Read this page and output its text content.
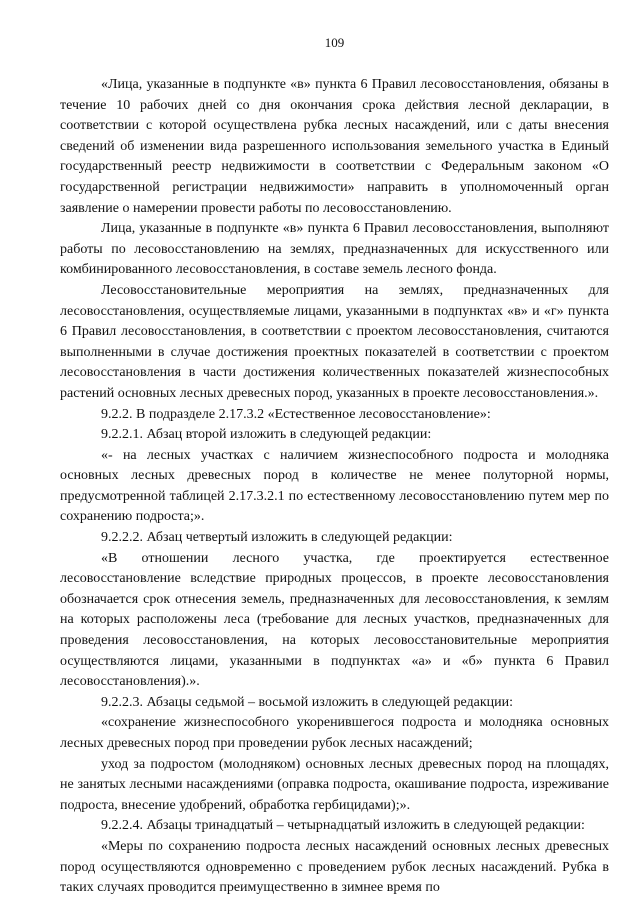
109

«Лица, указанные в подпункте «в» пункта 6 Правил лесовосстановления, обязаны в течение 10 рабочих дней со дня окончания срока действия лесной декларации, в соответствии с которой осуществлена рубка лесных насаждений, или с даты внесения сведений об изменении вида разрешенного использования земельного участка в Единый государственный реестр недвижимости в соответствии с Федеральным законом «О государственной регистрации недвижимости» направить в уполномоченный орган заявление о намерении провести работы по лесовосстановлению.

Лица, указанные в подпункте «в» пункта 6 Правил лесовосстановления, выполняют работы по лесовосстановлению на землях, предназначенных для искусственного или комбинированного лесовосстановления, в составе земель лесного фонда.

Лесовосстановительные мероприятия на землях, предназначенных для лесовосстановления, осуществляемые лицами, указанными в подпунктах «в» и «г» пункта 6 Правил лесовосстановления, в соответствии с проектом лесовосстановления, считаются выполненными в случае достижения проектных показателей в соответствии с проектом лесовосстановления в части достижения количественных показателей жизнеспособных растений основных лесных древесных пород, указанных в проекте лесовосстановления.».

9.2.2. В подразделе 2.17.3.2 «Естественное лесовосстановление»:

9.2.2.1. Абзац второй изложить в следующей редакции:

«- на лесных участках с наличием жизнеспособного подроста и молодняка основных лесных древесных пород в количестве не менее полуторной нормы, предусмотренной таблицей 2.17.3.2.1 по естественному лесовосстановлению путем мер по сохранению подроста;».

9.2.2.2. Абзац четвертый изложить в следующей редакции:

«В отношении лесного участка, где проектируется естественное лесовосстановление вследствие природных процессов, в проекте лесовосстановления обозначается срок отнесения земель, предназначенных для лесовосстановления, к землям на которых расположены леса (требование для лесных участков, предназначенных для проведения лесовосстановления, на которых лесовосстановительные мероприятия осуществляются лицами, указанными в подпунктах «а» и «б» пункта 6 Правил лесовосстановления).».

9.2.2.3. Абзацы седьмой – восьмой изложить в следующей редакции:

«сохранение жизнеспособного укоренившегося подроста и молодняка основных лесных древесных пород при проведении рубок лесных насаждений;

уход за подростом (молодняком) основных лесных древесных пород на площадях, не занятых лесными насаждениями (оправка подроста, окашивание подроста, изреживание подроста, внесение удобрений, обработка гербицидами);».

9.2.2.4. Абзацы тринадцатый – четырнадцатый изложить в следующей редакции:

«Меры по сохранению подроста лесных насаждений основных лесных древесных пород осуществляются одновременно с проведением рубок лесных насаждений. Рубка в таких случаях проводится преимущественно в зимнее время по
